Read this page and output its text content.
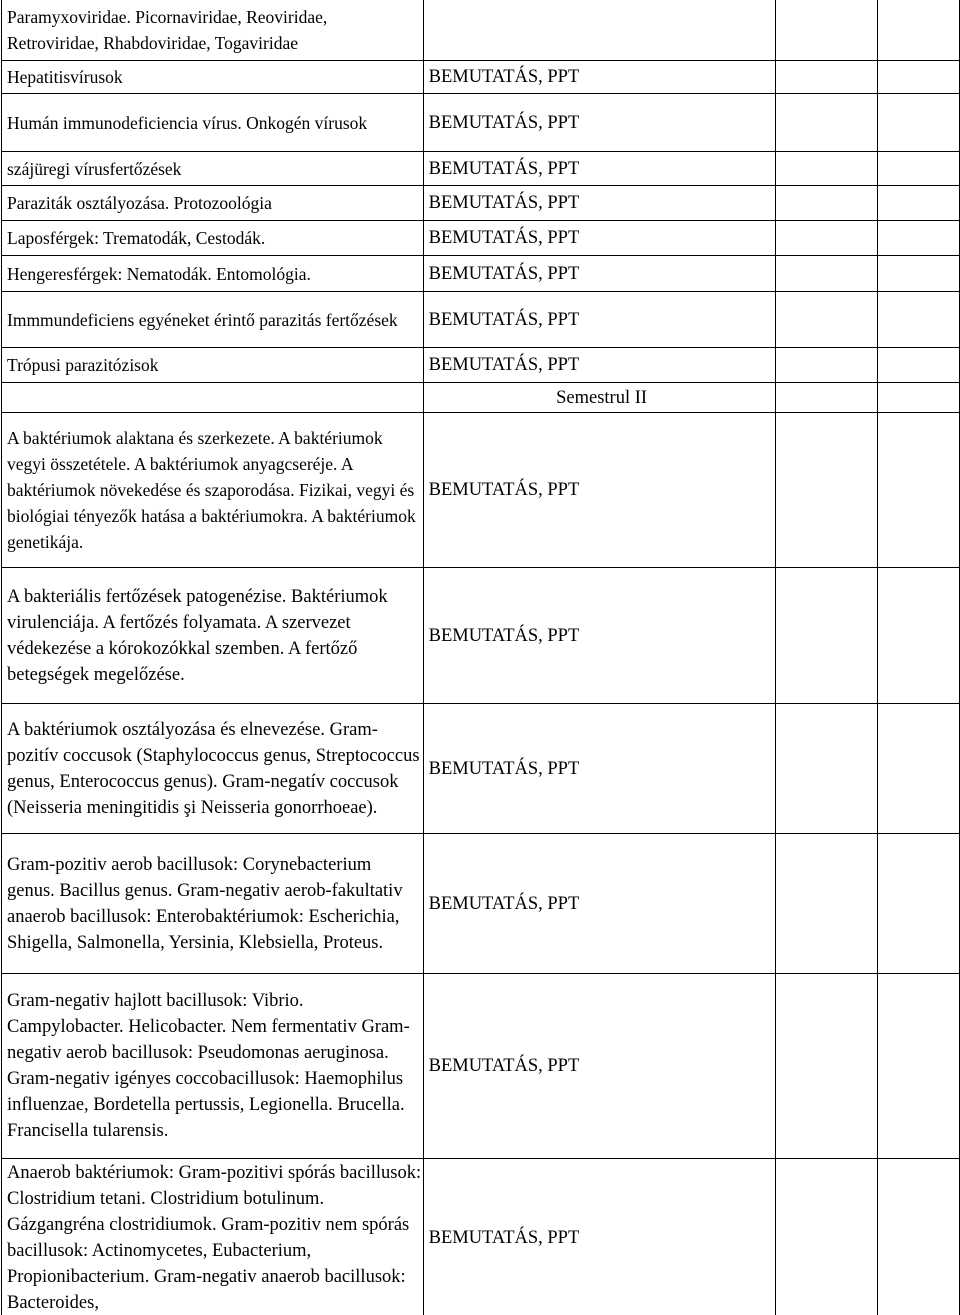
Paramyxoviridae. Picornaviridae, Reoviridae, Retroviridae, Rhabdoviridae, Togaviridae			

Hepatitisvírusok	BEMUTATÁS, PPT		

Humán immunodeficiencia vírus. Onkogén vírusok	BEMUTATÁS, PPT		

szájüregi vírusfertőzések	BEMUTATÁS, PPT		

Paraziták osztályozása. Protozoológia	BEMUTATÁS, PPT		

Laposférgek: Trematodák, Cestodák.	BEMUTATÁS, PPT		

Hengeresférgek: Nematodák. Entomológia.	BEMUTATÁS, PPT		

Immmundeficiens egyéneket érintő parazitás fertőzések	BEMUTATÁS, PPT		

Trópusi parazitózisok	BEMUTATÁS, PPT		

	Semestrul II		

A baktériumok alaktana és szerkezete. A baktériumok vegyi összetétele. A baktériumok anyagcseréje. A baktériumok növekedése és szaporodása. Fizikai, vegyi és biológiai tényezők hatása a baktériumokra. A baktériumok genetikája.	BEMUTATÁS, PPT		

A bakteriális fertőzések patogenézise. Baktériumok virulenciája. A fertőzés folyamata. A szervezet védekezése a kórokozókkal szemben. A fertőző betegségek megelőzése.	BEMUTATÁS, PPT		

A baktériumok osztályozása és elnevezése. Gram-pozitív coccusok (Staphylococcus genus, Streptococcus genus, Enterococcus genus). Gram-negatív coccusok (Neisseria meningitidis şi Neisseria gonorrhoeae).	BEMUTATÁS, PPT		

Gram-pozitiv aerob bacillusok: Corynebacterium genus. Bacillus genus. Gram-negativ aerob-fakultativ anaerob bacillusok: Enterobaktériumok: Escherichia, Shigella, Salmonella, Yersinia, Klebsiella, Proteus.	BEMUTATÁS, PPT		

Gram-negativ hajlott bacillusok: Vibrio. Campylobacter. Helicobacter. Nem fermentativ Gram-negativ aerob bacillusok: Pseudomonas aeruginosa. Gram-negativ igényes coccobacillusok: Haemophilus influenzae, Bordetella pertussis, Legionella. Brucella. Francisella tularensis.	BEMUTATÁS, PPT		

Anaerob baktériumok: Gram-pozitivi spórás bacillusok: Clostridium tetani. Clostridium botulinum. Gázgangréna clostridiumok. Gram-pozitiv nem spórás bacillusok: Actinomycetes, Eubacterium, Propionibacterium. Gram-negativ anaerob bacillusok: Bacteroides,	BEMUTATÁS, PPT		
